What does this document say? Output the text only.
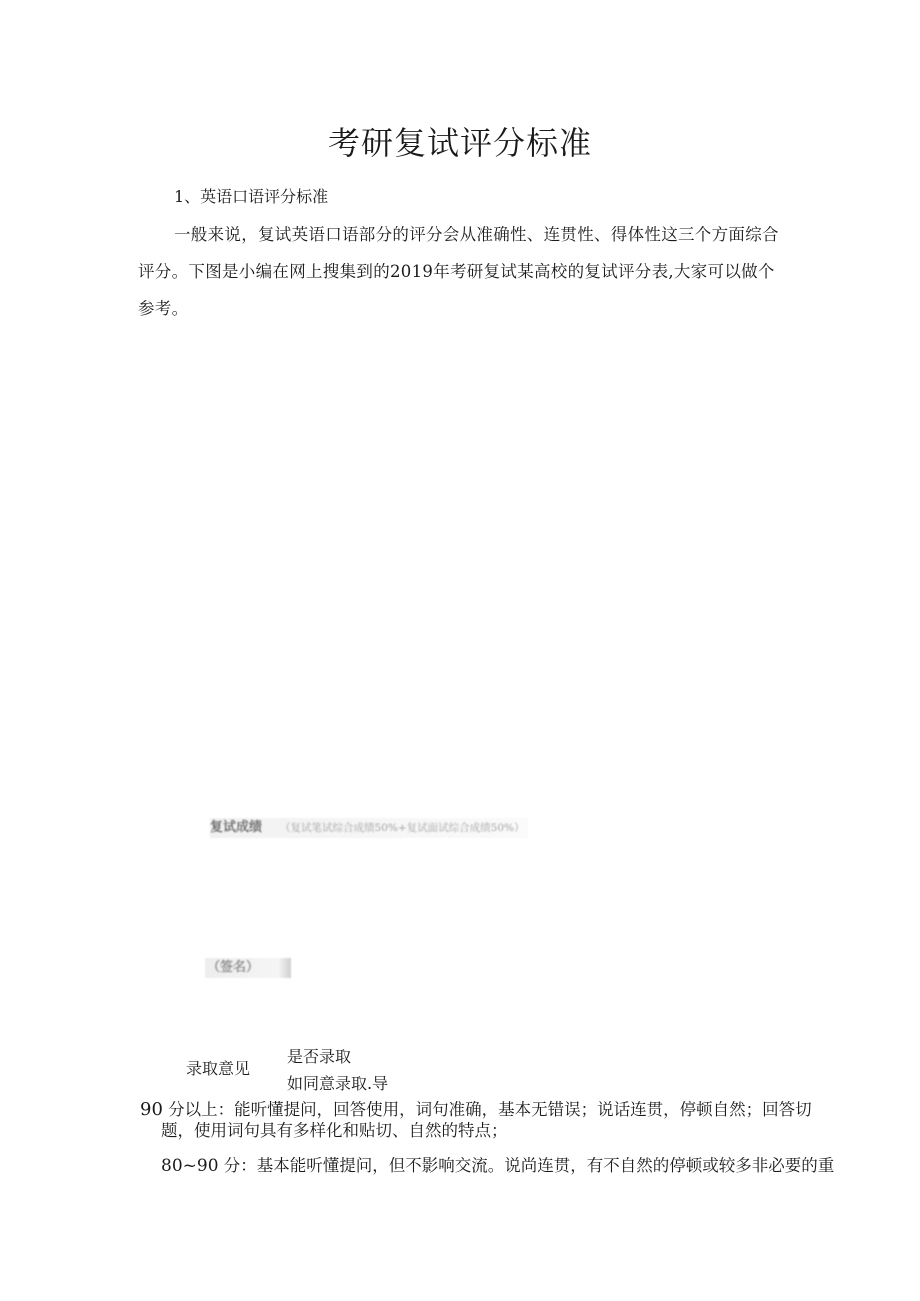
考研复试评分标准
1、英语口语评分标准
一般来说，复试英语口语部分的评分会从准确性、连贯性、得体性这三个方面综合
评分。下图是小编在网上搜集到的2019年考研复试某高校的复试评分表,大家可以做个
参考。
复试成绩 （复试笔试综合成绩50%+复试面试综合成绩50%）
（签名）
录取意见
是否录取
如同意录取.导
90 分以上：能听懂提问，回答使用，词句准确，基本无错误；说话连贯，停顿自然；回答切
题，使用词句具有多样化和贴切、自然的特点；
80~90 分：基本能听懂提问，但不影响交流。说尚连贯，有不自然的停顿或较多非必要的重
